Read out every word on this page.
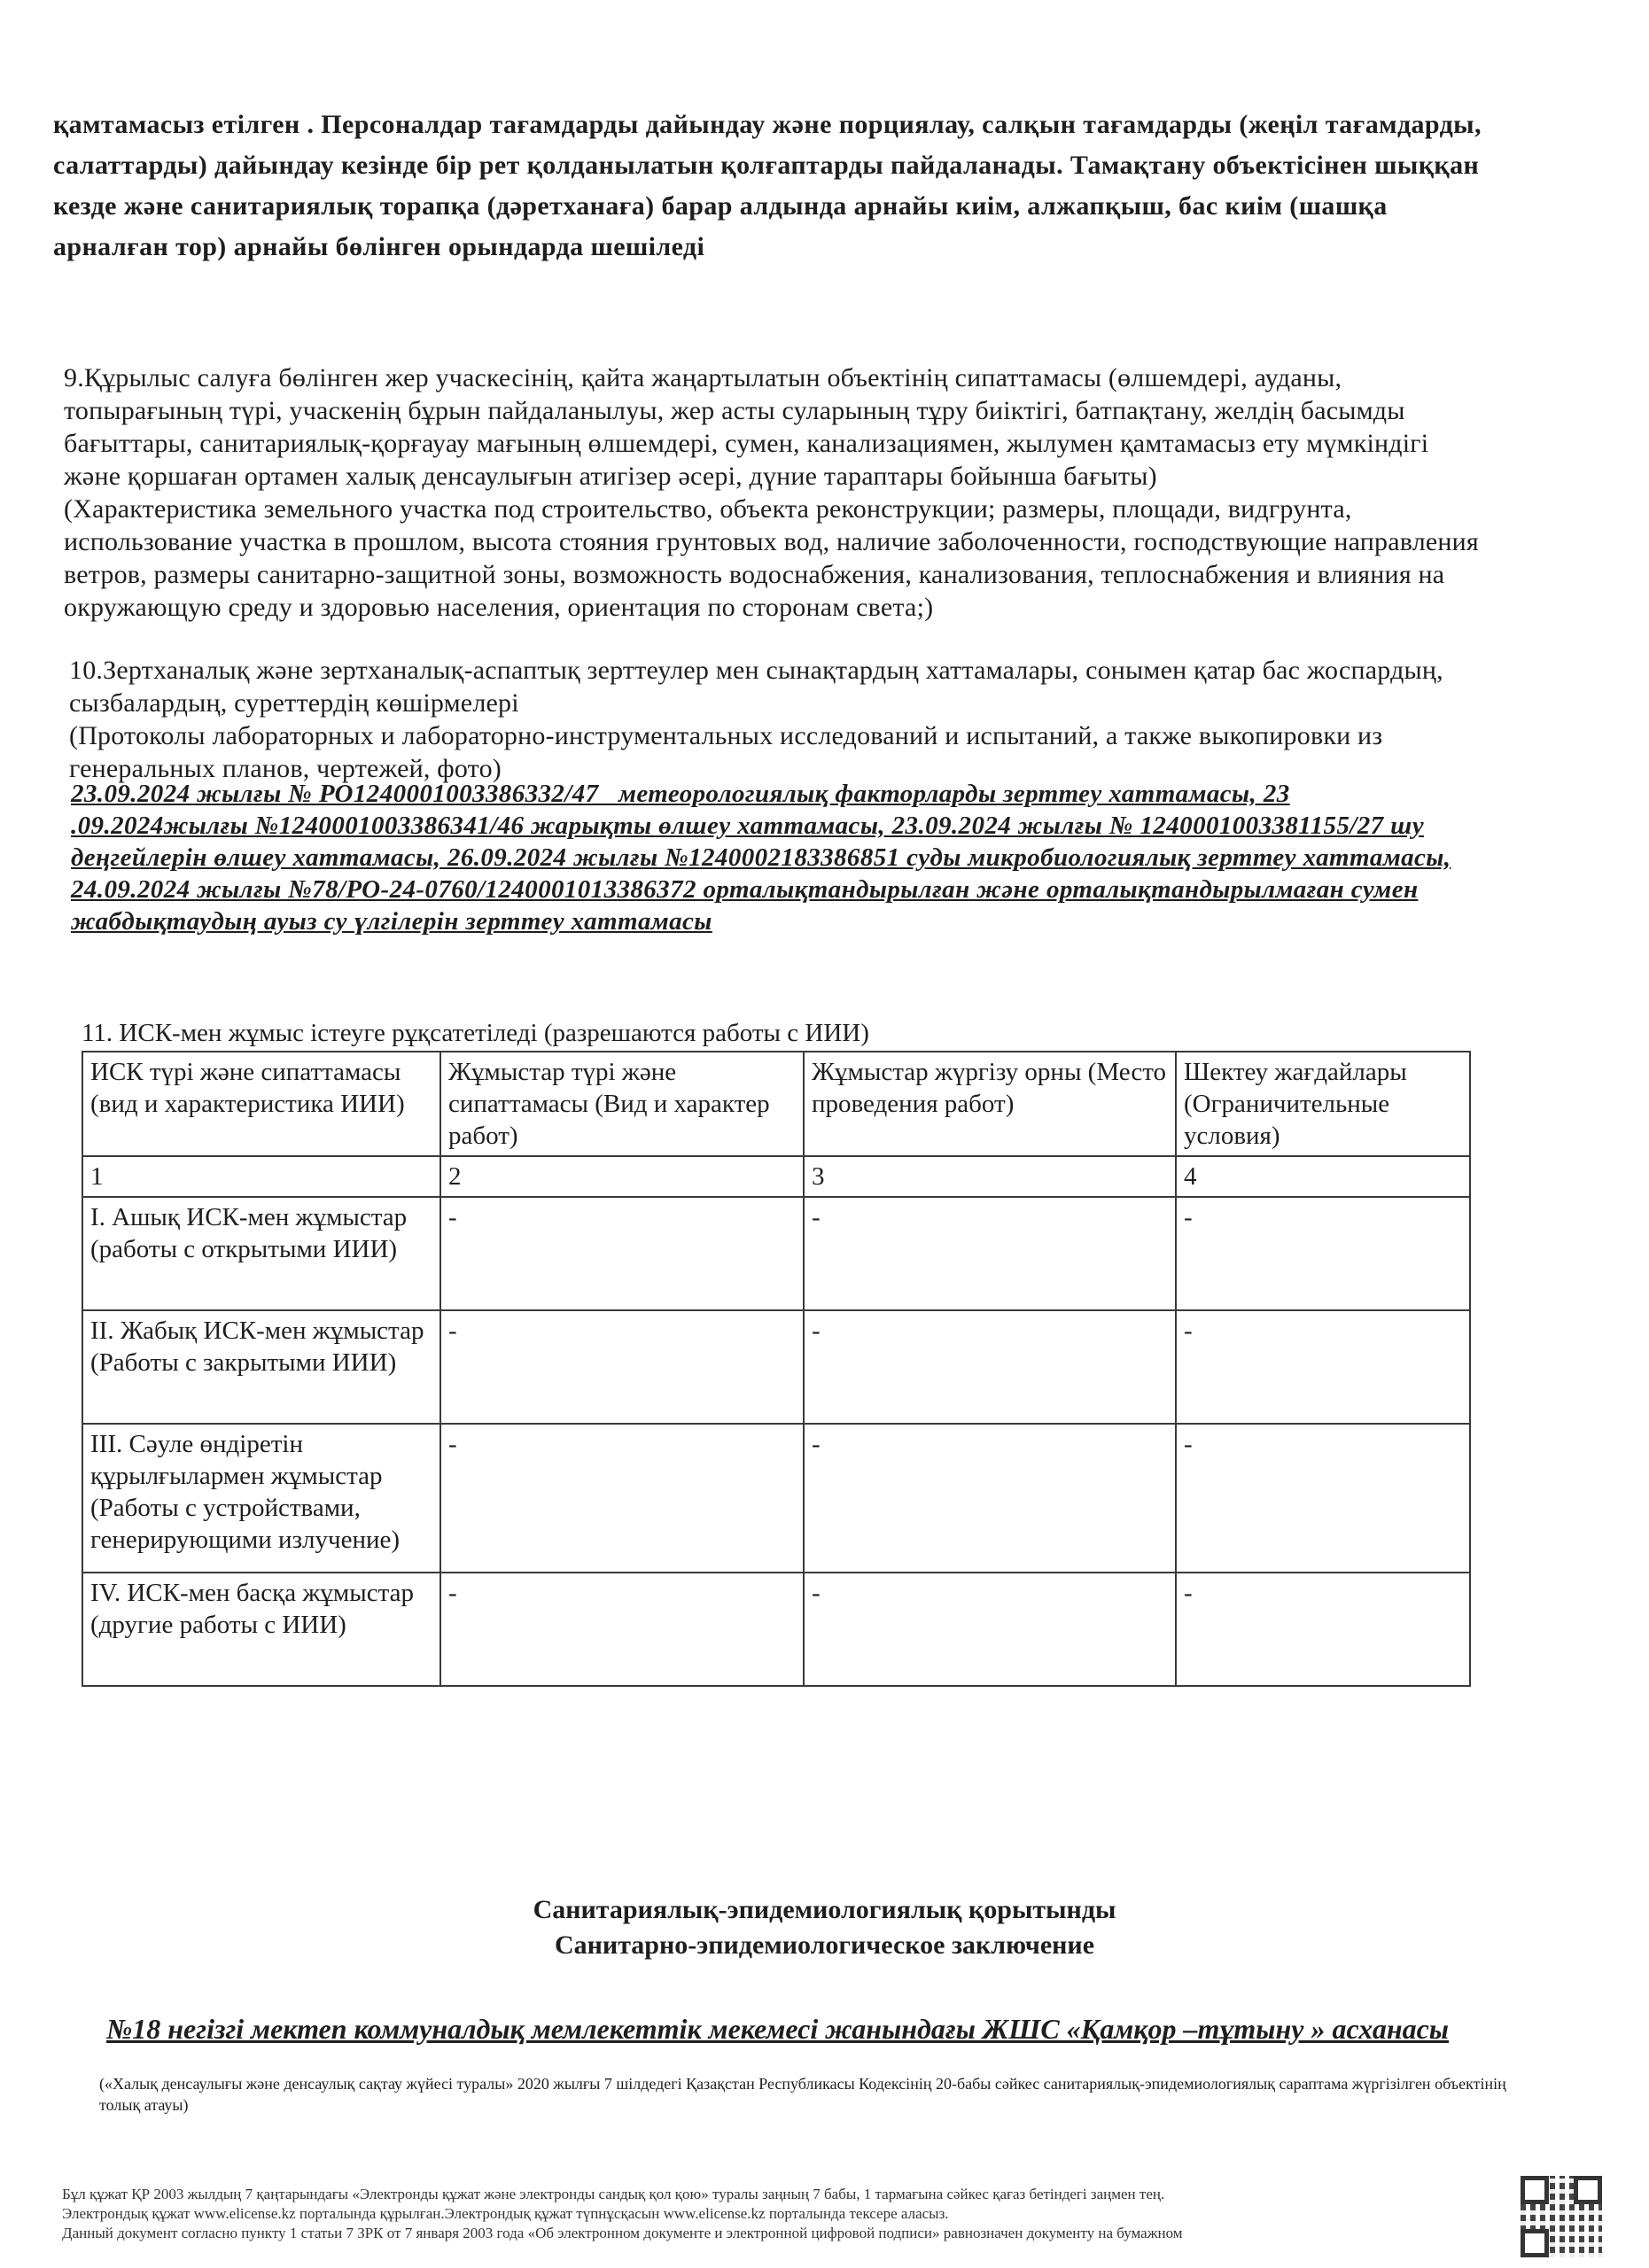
қамтамасыз етілген . Персоналдар тағамдарды дайындау және порциялау, салқын тағамдарды (жеңіл тағамдарды, салаттарды) дайындау кезінде бір рет қолданылатын қолғаптарды пайдаланады. Тамақтану объектісінен шыққан кезде және санитариялық торапқа (дәретханаға) барар алдында арнайы киім, алжапқыш, бас киім (шашқа арналған тор) арнайы бөлінген орындарда шешіледі
9.Құрылыс салуға бөлінген жер учаскесінің, қайта жаңартылатын объектінің сипаттамасы (өлшемдері, ауданы, топырағының түрі, учаскенің бұрын пайдаланылуы, жер асты суларының тұру биіктігі, батпақтану, желдің басымды бағыттары, санитариялық-қорғауау мағының өлшемдері, сумен, канализациямен, жылумен қамтамасыз ету мүмкіндігі және қоршаған ортамен халық денсаулығын атигізер әсері, дүние тараптары бойынша бағыты)
(Характеристика земельного участка под строительство, объекта реконструкции; размеры, площади, видгрунта, использование участка в прошлом, высота стояния грунтовых вод, наличие заболоченности, господствующие направления ветров, размеры санитарно-защитной зоны, возможность водоснабжения, канализования, теплоснабжения и влияния на окружающую среду и здоровью населения, ориентация по сторонам света;)
10.Зертханалық және зертханалық-аспаптық зерттеулер мен сынақтардың хаттамалары, сонымен қатар бас жоспардың, сызбалардың, суреттердің көшірмелері
(Протоколы лабораторных и лабораторно-инструментальных исследований и испытаний, а также выкопировки из генеральных планов, чертежей, фото)
23.09.2024 жылғы № РО1240001003386332/47 _метеорологиялық факторларды зерттеу хаттамасы, 23 .09.2024жылғы №1240001003386341/46 жарықты өлшеу хаттамасы, 23.09.2024 жылғы № 1240001003381155/27 шу деңгейлерін өлшеу хаттамасы, 26.09.2024 жылғы №1240002183386851 суды микробиологиялық зерттеу хаттамасы, 24.09.2024 жылғы №78/РО-24-0760/1240001013386372 орталықтандырылған және орталықтандырылмаған сумен жабдықтаудың ауыз су үлгілерін зерттеу хаттамасы
11. ИСК-мен жұмыс істеуге рұқсатетіледі (разрешаются работы с ИИИ)
ИСК түрі және сипаттамасы (вид и характеристика ИИИ)	Жұмыстар түрі және сипаттамасы (Вид и характер работ)	Жұмыстар жүргізу орны (Место проведения работ)	Шектеу жағдайлары (Ограничительные условия)
1	2	3	4
I. Ашық ИСК-мен жұмыстар (работы с открытыми ИИИ)	-	-	-
II. Жабық ИСК-мен жұмыстар (Работы с закрытыми ИИИ)	-	-	-
III. Сәуле өндіретін құрылғылармен жұмыстар (Работы с устройствами, генерирующими излучение)	-	-	-
IV. ИСК-мен басқа жұмыстар (другие работы с ИИИ)	-	-	-
Санитариялық-эпидемиологиялық қорытынды
Санитарно-эпидемиологическое заключение
№18 негізгі мектеп коммуналдық мемлекеттік мекемесі жанындағы ЖШС «Қамқор –тұтыну » асханасы
(«Халық денсаулығы және денсаулық сақтау жүйесі туралы» 2020 жылғы 7 шілдедегі Қазақстан Республикасы Кодексінің 20-бабы сәйкес санитариялық-эпидемиологиялық сараптама жүргізілген объектінің толық атауы)
Бұл құжат ҚР 2003 жылдың 7 қаңтарындағы «Электронды құжат және электронды сандық қол қою» туралы заңның 7 бабы, 1 тармағына сәйкес қағаз бетіндегі заңмен тең.
Электрондық құжат www.elicense.kz порталында құрылған.Электрондық құжат түпнұсқасын www.elicense.kz порталында тексере аласыз.
Данный документ согласно пункту 1 статьи 7 ЗРК от 7 января 2003 года «Об электронном документе и электронной цифровой подписи» равнозначен документу на бумажном
